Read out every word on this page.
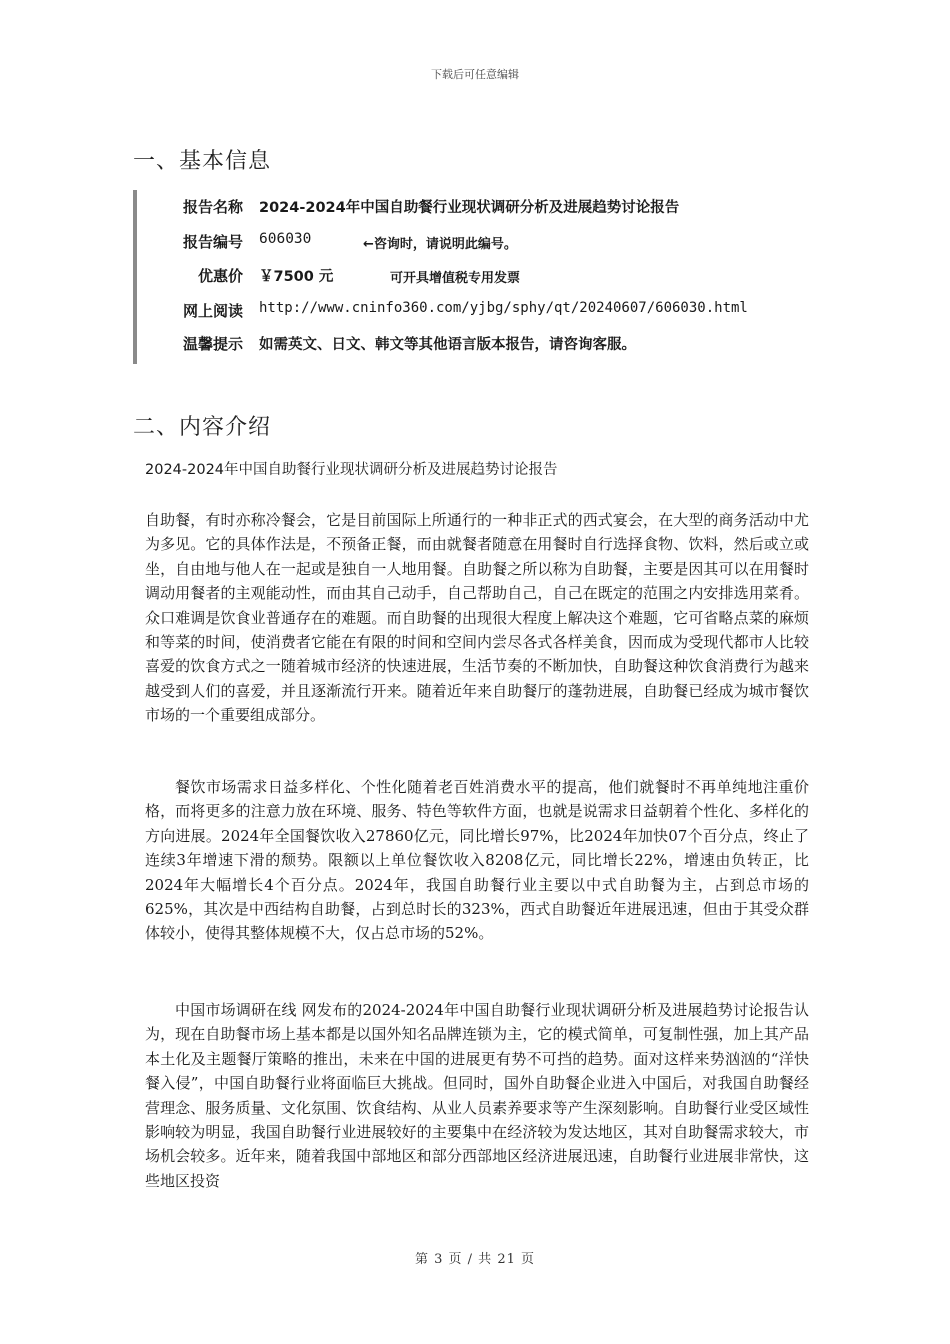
下载后可任意编辑
一、基本信息
报告名称 2024-2024年中国自助餐行业现状调研分析及进展趋势讨论报告
报告编号 606030	←咨询时，请说明此编号。
优惠价 ￥7500 元	可开具增值税专用发票
网上阅读 http://www.cninfo360.com/yjbg/sphy/qt/20240607/606030.html
温馨提示 如需英文、日文、韩文等其他语言版本报告，请咨询客服。
二、内容介绍
2024-2024年中国自助餐行业现状调研分析及进展趋势讨论报告
自助餐，有时亦称冷餐会，它是目前国际上所通行的一种非正式的西式宴会，在大型的商务活动中尤为多见。它的具体作法是，不预备正餐，而由就餐者随意在用餐时自行选择食物、饮料，然后或立或坐，自由地与他人在一起或是独自一人地用餐。自助餐之所以称为自助餐，主要是因其可以在用餐时调动用餐者的主观能动性，而由其自己动手，自己帮助自己，自己在既定的范围之内安排选用菜肴。众口难调是饮食业普通存在的难题。而自助餐的出现很大程度上解决这个难题，它可省略点菜的麻烦和等菜的时间，使消费者它能在有限的时间和空间内尝尽各式各样美食，因而成为受现代都市人比较喜爱的饮食方式之一随着城市经济的快速进展，生活节奏的不断加快，自助餐这种饮食消费行为越来越受到人们的喜爱，并且逐渐流行开来。随着近年来自助餐厅的蓬勃进展，自助餐已经成为城市餐饮市场的一个重要组成部分。
餐饮市场需求日益多样化、个性化随着老百姓消费水平的提高，他们就餐时不再单纯地注重价格，而将更多的注意力放在环境、服务、特色等软件方面，也就是说需求日益朝着个性化、多样化的方向进展。2024年全国餐饮收入27860亿元，同比增长97%，比2024年加快07个百分点，终止了连续3年增速下滑的颓势。限额以上单位餐饮收入8208亿元，同比增长22%，增速由负转正，比2024年大幅增长4个百分点。2024年，我国自助餐行业主要以中式自助餐为主，占到总市场的625%，其次是中西结构自助餐，占到总时长的323%，西式自助餐近年进展迅速，但由于其受众群体较小，使得其整体规模不大，仅占总市场的52%。
中国市场调研在线 网发布的2024-2024年中国自助餐行业现状调研分析及进展趋势讨论报告认为，现在自助餐市场上基本都是以国外知名品牌连锁为主，它的模式简单，可复制性强，加上其产品本土化及主题餐厅策略的推出，未来在中国的进展更有势不可挡的趋势。面对这样来势汹汹的“洋快餐入侵”，中国自助餐行业将面临巨大挑战。但同时，国外自助餐企业进入中国后，对我国自助餐经营理念、服务质量、文化氛围、饮食结构、从业人员素养要求等产生深刻影响。自助餐行业受区域性影响较为明显，我国自助餐行业进展较好的主要集中在经济较为发达地区，其对自助餐需求较大，市场机会较多。近年来，随着我国中部地区和部分西部地区经济进展迅速，自助餐行业进展非常快，这些地区投资
第 3 页 / 共 21 页
